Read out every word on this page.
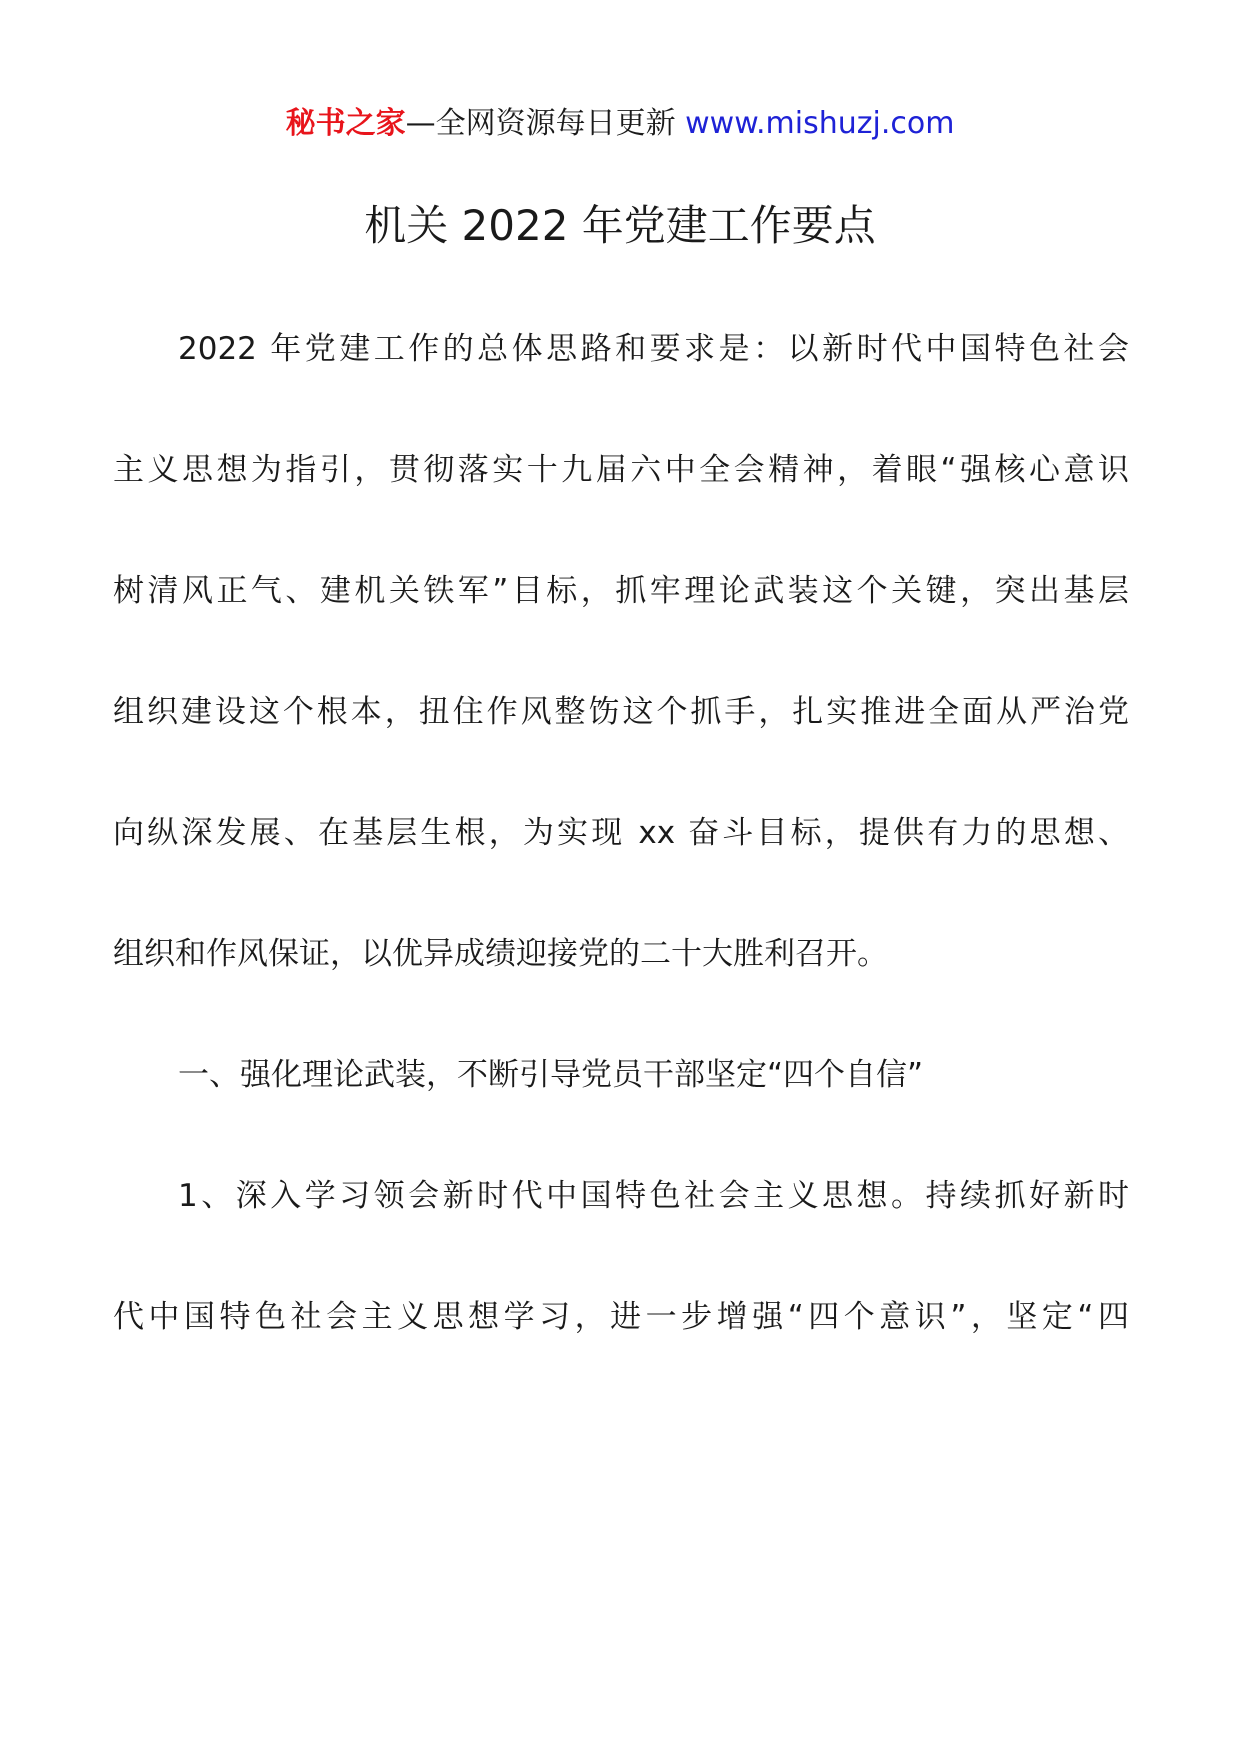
秘书之家—全网资源每日更新 www.mishuzj.com
机关 2022 年党建工作要点
2022 年党建工作的总体思路和要求是：以新时代中国特色社会
主义思想为指引，贯彻落实十九届六中全会精神，着眼“强核心意识
树清风正气、建机关铁军”目标，抓牢理论武装这个关键，突出基层
组织建设这个根本，扭住作风整饬这个抓手，扎实推进全面从严治党
向纵深发展、在基层生根，为实现 xx 奋斗目标，提供有力的思想、
组织和作风保证，以优异成绩迎接党的二十大胜利召开。
一、强化理论武装，不断引导党员干部坚定“四个自信”
1、深入学习领会新时代中国特色社会主义思想。持续抓好新时
代中国特色社会主义思想学习，进一步增强“四个意识”，坚定“四
